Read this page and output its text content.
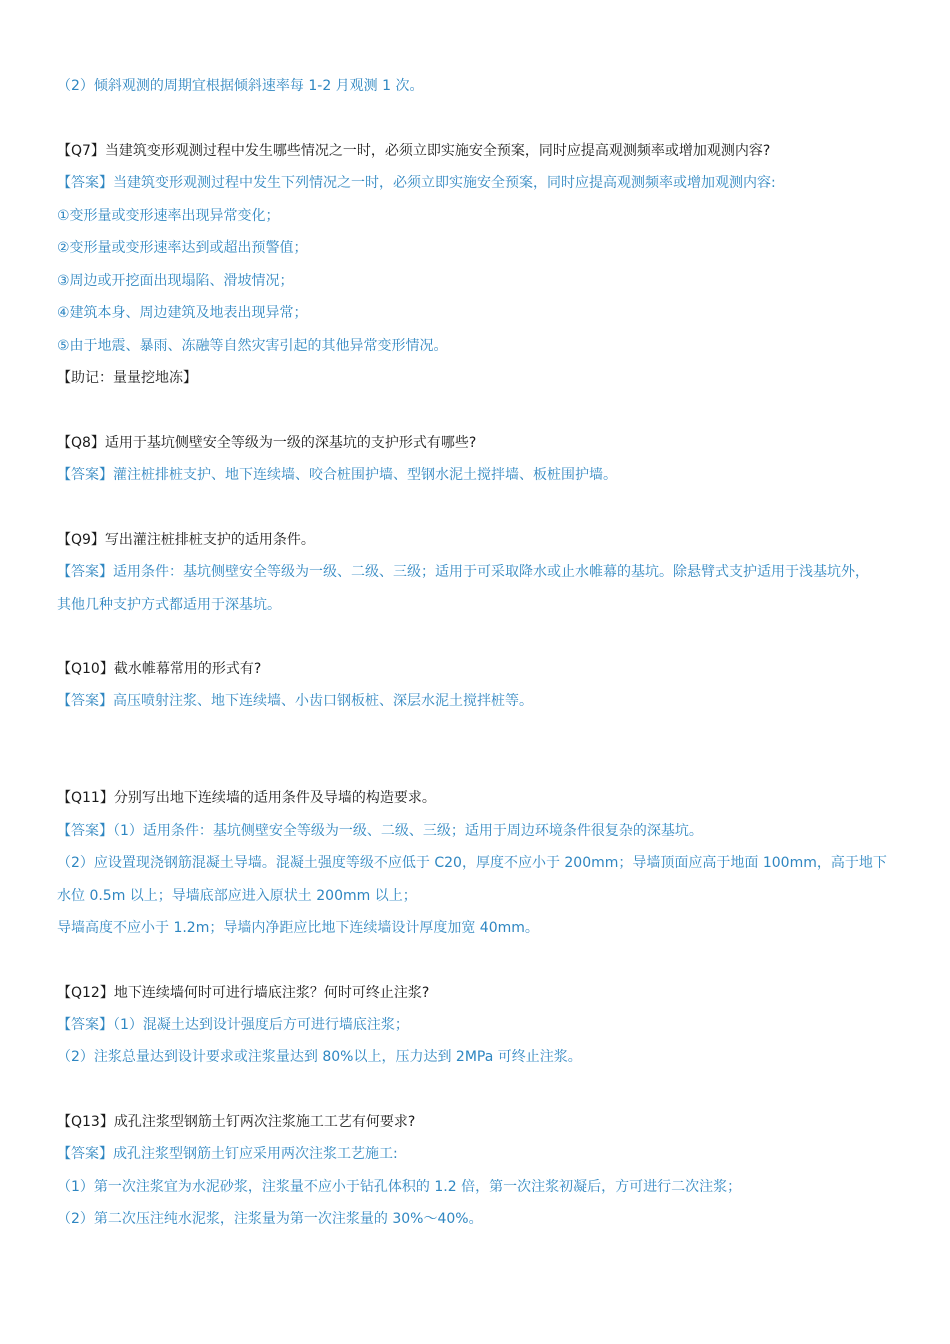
（2）倾斜观测的周期宜根据倾斜速率每 1-2 月观测 1 次。
【Q7】当建筑变形观测过程中发生哪些情况之一时，必须立即实施安全预案，同时应提高观测频率或增加观测内容?
【答案】当建筑变形观测过程中发生下列情况之一时，必须立即实施安全预案，同时应提高观测频率或增加观测内容:
①变形量或变形速率出现异常变化；
②变形量或变形速率达到或超出预警值；
③周边或开挖面出现塌陷、滑坡情况；
④建筑本身、周边建筑及地表出现异常；
⑤由于地震、暴雨、冻融等自然灾害引起的其他异常变形情况。
【助记：量量挖地冻】
【Q8】适用于基坑侧壁安全等级为一级的深基坑的支护形式有哪些?
【答案】灌注桩排桩支护、地下连续墙、咬合桩围护墙、型钢水泥土搅拌墙、板桩围护墙。
【Q9】写出灌注桩排桩支护的适用条件。
【答案】适用条件：基坑侧壁安全等级为一级、二级、三级；适用于可采取降水或止水帷幕的基坑。除悬臂式支护适用于浅基坑外，
其他几种支护方式都适用于深基坑。
【Q10】截水帷幕常用的形式有?
【答案】高压喷射注浆、地下连续墙、小齿口钢板桩、深层水泥土搅拌桩等。
【Q11】分别写出地下连续墙的适用条件及导墙的构造要求。
【答案】（1）适用条件：基坑侧壁安全等级为一级、二级、三级；适用于周边环境条件很复杂的深基坑。
（2）应设置现浇钢筋混凝土导墙。混凝土强度等级不应低于 C20，厚度不应小于 200mm；导墙顶面应高于地面 100mm，高于地下
水位 0.5m 以上；导墙底部应进入原状土 200mm 以上；
导墙高度不应小于 1.2m；导墙内净距应比地下连续墙设计厚度加宽 40mm。
【Q12】地下连续墙何时可进行墙底注浆？何时可终止注浆?
【答案】（1）混凝土达到设计强度后方可进行墙底注浆；
（2）注浆总量达到设计要求或注浆量达到 80%以上，压力达到 2MPa 可终止注浆。
【Q13】成孔注浆型钢筋土钉两次注浆施工工艺有何要求?
【答案】成孔注浆型钢筋土钉应采用两次注浆工艺施工:
（1）第一次注浆宜为水泥砂浆，注浆量不应小于钻孔体积的 1.2 倍，第一次注浆初凝后，方可进行二次注浆；
（2）第二次压注纯水泥浆，注浆量为第一次注浆量的 30%～40%。
